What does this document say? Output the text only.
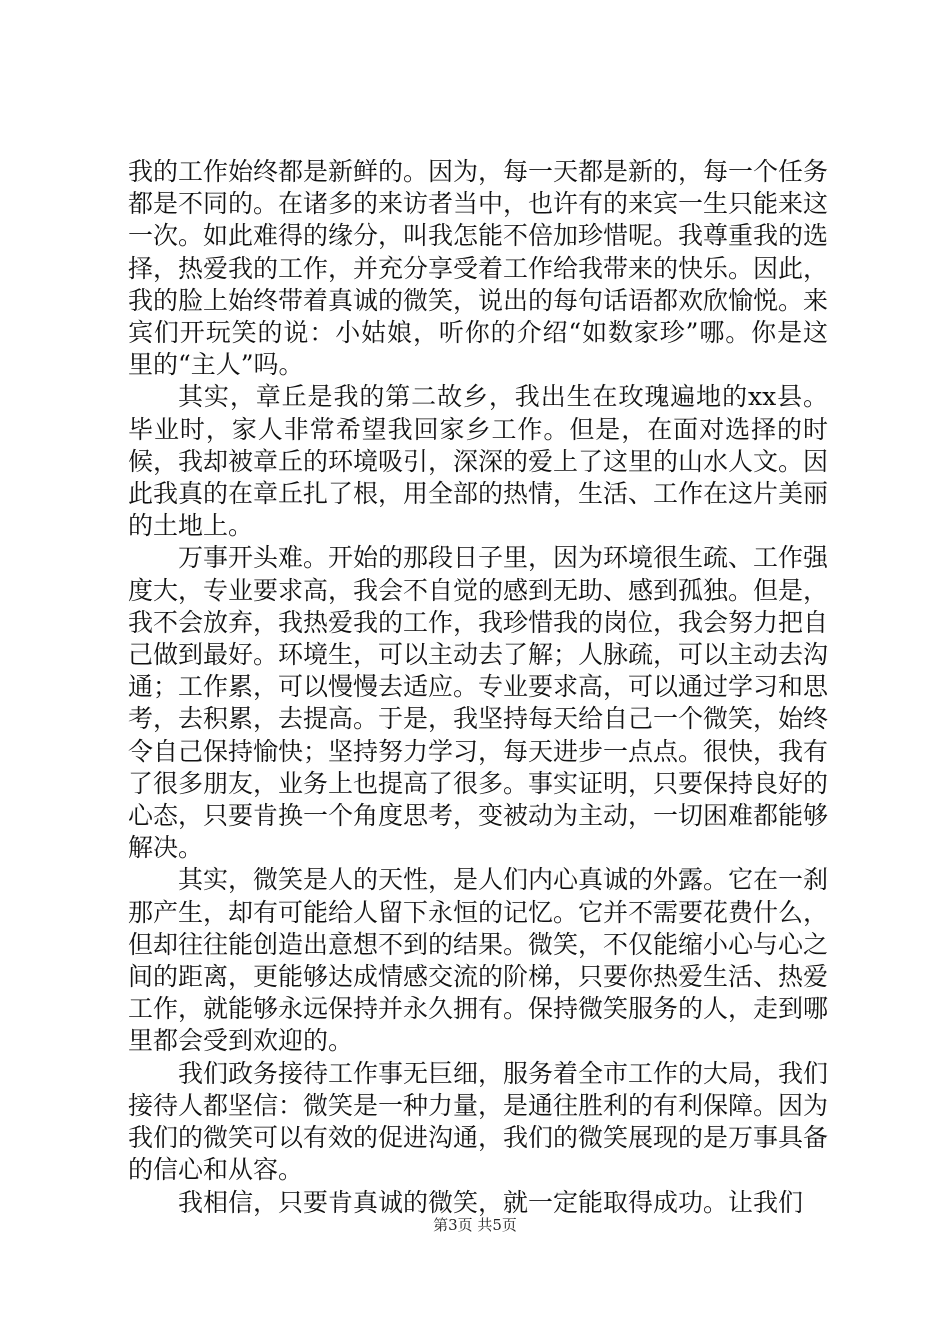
我的工作始终都是新鲜的。因为，每一天都是新的，每一个任务都是不同的。在诸多的来访者当中，也许有的来宾一生只能来这一次。如此难得的缘分，叫我怎能不倍加珍惜呢。我尊重我的选择，热爱我的工作，并充分享受着工作给我带来的快乐。因此，我的脸上始终带着真诚的微笑，说出的每句话语都欢欣愉悦。来宾们开玩笑的说：小姑娘，听你的介绍“如数家珍”哪。你是这里的“主人”吗。

其实，章丘是我的第二故乡，我出生在玫瑰遍地的xx县。毕业时，家人非常希望我回家乡工作。但是，在面对选择的时候，我却被章丘的环境吸引，深深的爱上了这里的山水人文。因此我真的在章丘扎了根，用全部的热情，生活、工作在这片美丽的土地上。

万事开头难。开始的那段日子里，因为环境很生疏、工作强度大，专业要求高，我会不自觉的感到无助、感到孤独。但是，我不会放弃，我热爱我的工作，我珍惜我的岗位，我会努力把自己做到最好。环境生，可以主动去了解；人脉疏，可以主动去沟通；工作累，可以慢慢去适应。专业要求高，可以通过学习和思考，去积累，去提高。于是，我坚持每天给自己一个微笑，始终令自己保持愉快；坚持努力学习，每天进步一点点。很快，我有了很多朋友，业务上也提高了很多。事实证明，只要保持良好的心态，只要肯换一个角度思考，变被动为主动，一切困难都能够解决。

其实，微笑是人的天性，是人们内心真诚的外露。它在一刹那产生，却有可能给人留下永恒的记忆。它并不需要花费什么，但却往往能创造出意想不到的结果。微笑，不仅能缩小心与心之间的距离，更能够达成情感交流的阶梯，只要你热爱生活、热爱工作，就能够永远保持并永久拥有。保持微笑服务的人，走到哪里都会受到欢迎的。

我们政务接待工作事无巨细，服务着全市工作的大局，我们接待人都坚信：微笑是一种力量，是通往胜利的有利保障。因为我们的微笑可以有效的促进沟通，我们的微笑展现的是万事具备的信心和从容。

我相信，只要肯真诚的微笑，就一定能取得成功。让我们

第3页 共5页
